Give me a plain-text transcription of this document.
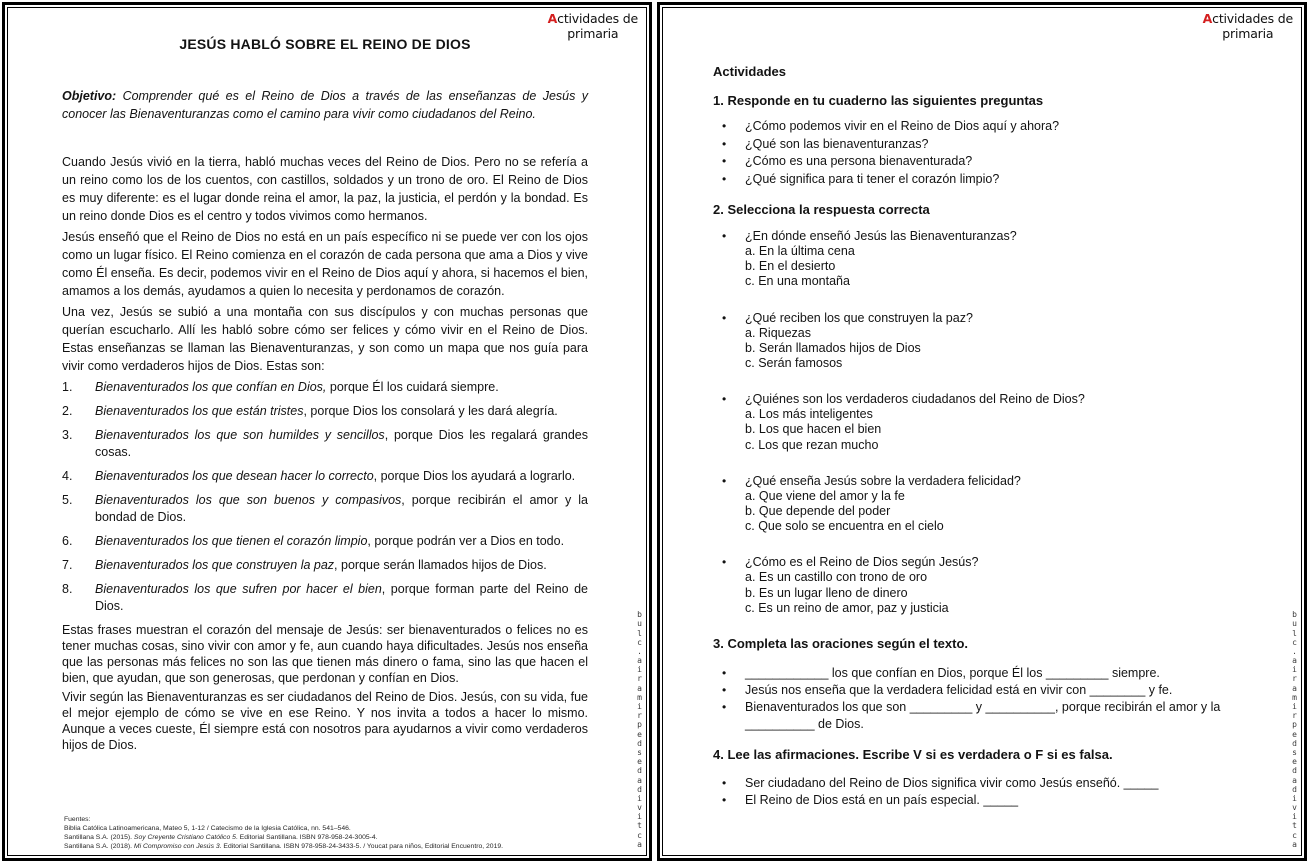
Actividades de
primaria
JESÚS HABLÓ SOBRE EL REINO DE DIOS
Objetivo: Comprender qué es el Reino de Dios a través de las enseñanzas de Jesús y conocer las Bienaventuranzas como el camino para vivir como ciudadanos del Reino.

Cuando Jesús vivió en la tierra, habló muchas veces del Reino de Dios. Pero no se refería a un reino como los de los cuentos, con castillos, soldados y un trono de oro. El Reino de Dios es muy diferente: es el lugar donde reina el amor, la paz, la justicia, el perdón y la bondad. Es un reino donde Dios es el centro y todos vivimos como hermanos.

Jesús enseñó que el Reino de Dios no está en un país específico ni se puede ver con los ojos como un lugar físico. El Reino comienza en el corazón de cada persona que ama a Dios y vive como Él enseña. Es decir, podemos vivir en el Reino de Dios aquí y ahora, si hacemos el bien, amamos a los demás, ayudamos a quien lo necesita y perdonamos de corazón.

Una vez, Jesús se subió a una montaña con sus discípulos y con muchas personas que querían escucharlo. Allí les habló sobre cómo ser felices y cómo vivir en el Reino de Dios. Estas enseñanzas se llaman las Bienaventuranzas, y son como un mapa que nos guía para vivir como verdaderos hijos de Dios. Estas son:

1.	Bienaventurados los que confían en Dios, porque Él los cuidará siempre.
2.	Bienaventurados los que están tristes, porque Dios los consolará y les dará alegría.
3.	Bienaventurados los que son humildes y sencillos, porque Dios les regalará grandes cosas.
4.	Bienaventurados los que desean hacer lo correcto, porque Dios los ayudará a lograrlo.
5.	Bienaventurados los que son buenos y compasivos, porque recibirán el amor y la bondad de Dios.
6.	Bienaventurados los que tienen el corazón limpio, porque podrán ver a Dios en todo.
7.	Bienaventurados los que construyen la paz, porque serán llamados hijos de Dios.
8.	Bienaventurados los que sufren por hacer el bien, porque forman parte del Reino de Dios.

Estas frases muestran el corazón del mensaje de Jesús: ser bienaventurados o felices no es tener muchas cosas, sino vivir con amor y fe, aun cuando haya dificultades. Jesús nos enseña que las personas más felices no son las que tienen más dinero o fama, sino las que hacen el bien, que ayudan, que son generosas, que perdonan y confían en Dios.

Vivir según las Bienaventuranzas es ser ciudadanos del Reino de Dios. Jesús, con su vida, fue el mejor ejemplo de cómo se vive en ese Reino. Y nos invita a todos a hacer lo mismo. Aunque a veces cueste, Él siempre está con nosotros para ayudarnos a vivir como verdaderos hijos de Dios.

Fuentes:
Biblia Católica Latinoamericana, Mateo 5, 1-12 / Catecismo de la Iglesia Católica, nn. 541–546.
Santillana S.A. (2015). Soy Creyente Cristiano Católico 5. Editorial Santillana. ISBN 978-958-24-3005-4.
Santillana S.A. (2018). Mi Compromiso con Jesús 3. Editorial Santillana. ISBN 978-958-24-3433-5. / Youcat para niños, Editorial Encuentro, 2019.	a
c
t
i
v
i
d
a
d
e
s
d
e
p
r
i
m
a
r
i
a
.
c
l
u
b
Actividades de
primaria
Actividades
1. Responde en tu cuaderno las siguientes preguntas
•	¿Cómo podemos vivir en el Reino de Dios aquí y ahora?
•	¿Qué son las bienaventuranzas?
•	¿Cómo es una persona bienaventurada?
•	¿Qué significa para ti tener el corazón limpio?
2. Selecciona la respuesta correcta
•	¿En dónde enseñó Jesús las Bienaventuranzas?
a. En la última cena
b. En el desierto
c. En una montaña
•	¿Qué reciben los que construyen la paz?
a. Riquezas
b. Serán llamados hijos de Dios
c. Serán famosos
•	¿Quiénes son los verdaderos ciudadanos del Reino de Dios?
a. Los más inteligentes
b. Los que hacen el bien
c. Los que rezan mucho
•	¿Qué enseña Jesús sobre la verdadera felicidad?
a. Que viene del amor y la fe
b. Que depende del poder
c. Que solo se encuentra en el cielo
•	¿Cómo es el Reino de Dios según Jesús?
a. Es un castillo con trono de oro
b. Es un lugar lleno de dinero
c. Es un reino de amor, paz y justicia
3. Completa las oraciones según el texto.
•	____________ los que confían en Dios, porque Él los _________ siempre.
•	Jesús nos enseña que la verdadera felicidad está en vivir con ________ y fe.
•	Bienaventurados los que son _________ y __________, porque recibirán el amor y la __________ de Dios.
4. Lee las afirmaciones. Escribe V si es verdadera o F si es falsa.
•	Ser ciudadano del Reino de Dios significa vivir como Jesús enseñó. _____
•	El Reino de Dios está en un país especial. _____
a
c
t
i
v
i
d
a
d
e
s
d
e
p
r
i
m
a
r
i
a
.
c
l
u
b
